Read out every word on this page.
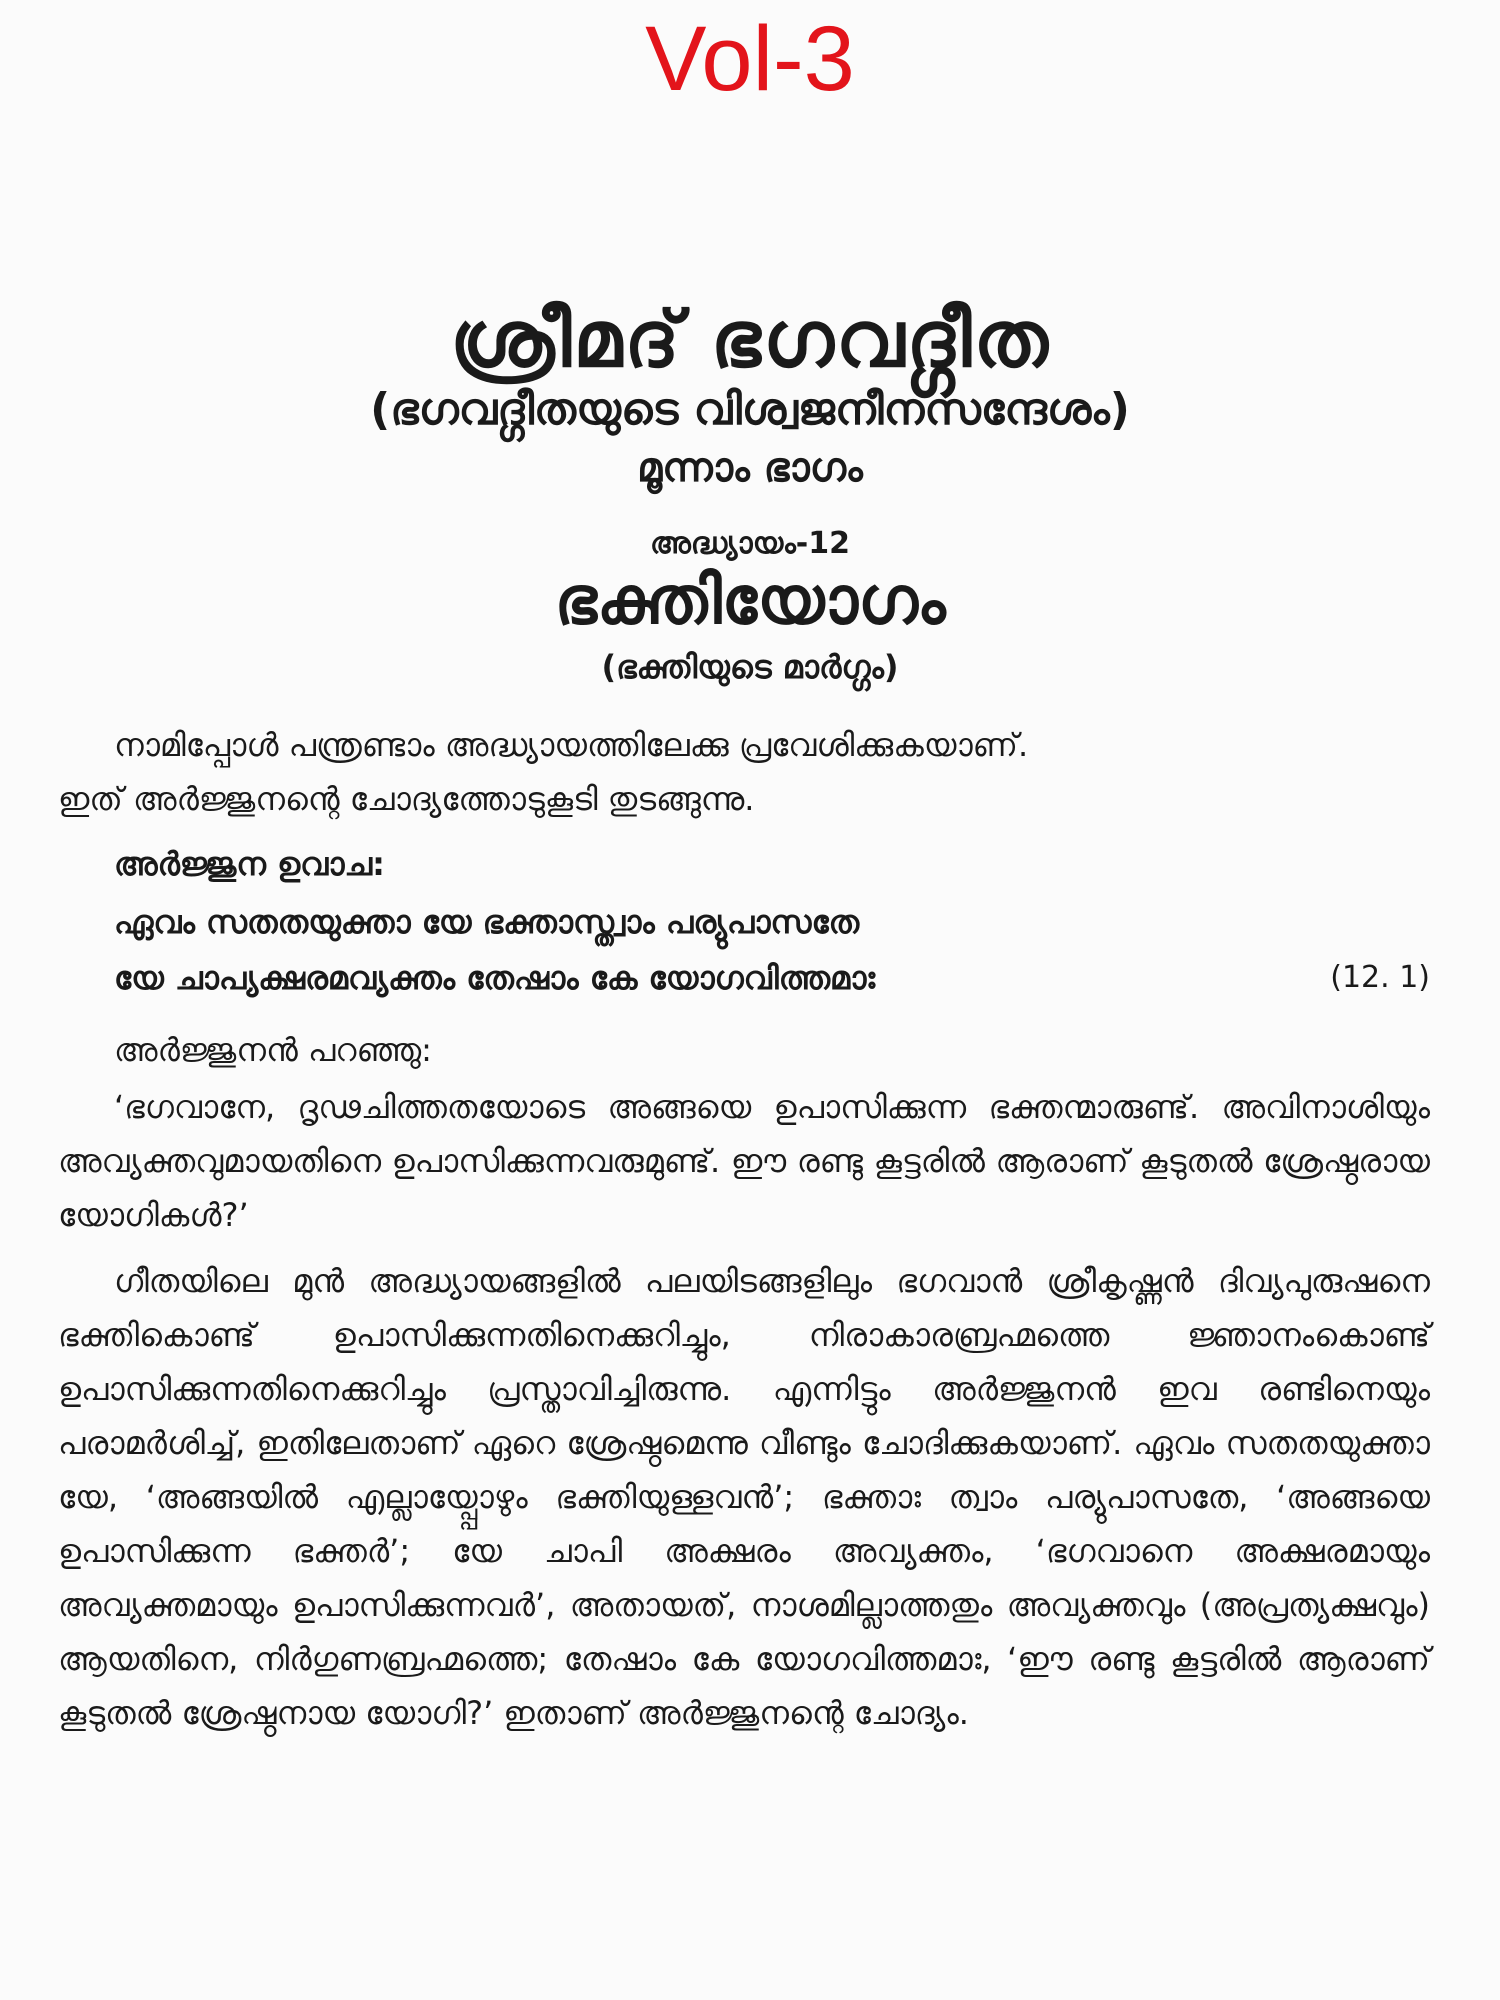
Vol-3
ശ്രീമദ് ഭഗവദ്ഗീത
(ഭഗവദ്ഗീതയുടെ വിശ്വജനീനസന്ദേശം)
മൂന്നാം ഭാഗം
അദ്ധ്യായം-12
ഭക്തിയോഗം
(ഭക്തിയുടെ മാർഗ്ഗം)

നാമിപ്പോൾ പന്ത്രണ്ടാം അദ്ധ്യായത്തിലേക്കു പ്രവേശിക്കുകയാണ്.

ഇത് അർജ്ജുനന്റെ ചോദ്യത്തോടുകൂടി തുടങ്ങുന്നു.

അർജ്ജുന ഉവാച:
ഏവം സതതയുക്താ യേ ഭക്താസ്ത്വാം പര്യുപാസതേ
യേ ചാപ്യക്ഷരമവ്യക്തം തേഷാം കേ യോഗവിത്തമാഃ	(12. 1)
അർജ്ജുനൻ പറഞ്ഞു:

‘ഭഗവാനേ, ദൃഢചിത്തതയോടെ അങ്ങയെ ഉപാസിക്കുന്ന ഭക്തന്മാരുണ്ട്. അവിനാശിയും അവ്യക്തവുമായതിനെ ഉപാസിക്കുന്നവരുമുണ്ട്. ഈ രണ്ടു കൂട്ടരിൽ ആരാണ് കൂടുതൽ ശ്രേഷ്ഠരായ യോഗികൾ?’

ഗീതയിലെ മുൻ അദ്ധ്യായങ്ങളിൽ പലയിടങ്ങളിലും ഭഗവാൻ ശ്രീകൃഷ്ണൻ ദിവ്യപുരുഷനെ ഭക്തികൊണ്ട് ഉപാസിക്കുന്നതിനെക്കുറിച്ചും, നിരാകാരബ്രഹ്മത്തെ ജ്ഞാനംകൊണ്ട് ഉപാസിക്കുന്നതിനെക്കുറിച്ചും പ്രസ്താവിച്ചിരുന്നു. എന്നിട്ടും അർജ്ജുനൻ ഇവ രണ്ടിനെയും പരാമർശിച്ച്, ഇതിലേതാണ് ഏറെ ശ്രേഷ്ഠമെന്നു വീണ്ടും ചോദിക്കുകയാണ്. ഏവം സതതയുക്താ യേ, ‘അങ്ങയിൽ എല്ലായ്പ്പോഴും ഭക്തിയുള്ളവൻ’; ഭക്താഃ ത്വാം പര്യുപാസതേ, ‘അങ്ങയെ ഉപാസിക്കുന്ന ഭക്തർ’; യേ ചാപി അക്ഷരം അവ്യക്തം, ‘ഭഗവാനെ അക്ഷരമായും അവ്യക്തമായും ഉപാസിക്കുന്നവർ’, അതായത്, നാശമില്ലാത്തതും അവ്യക്തവും (അപ്രത്യക്ഷവും) ആയതിനെ, നിർഗുണബ്രഹ്മത്തെ; തേഷാം കേ യോഗവിത്തമാഃ, ‘ഈ രണ്ടു കൂട്ടരിൽ ആരാണ് കൂടുതൽ ശ്രേഷ്ഠനായ യോഗി?’ ഇതാണ് അർജ്ജുനന്റെ ചോദ്യം.
